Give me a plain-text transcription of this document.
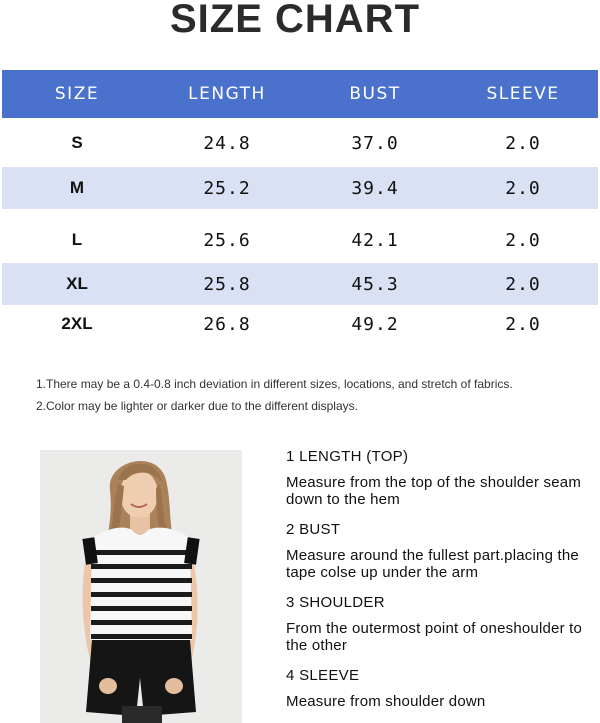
SIZE CHART
SIZE	LENGTH	BUST	SLEEVE
S	24.8	37.0	2.0
M	25.2	39.4	2.0
L	25.6	42.1	2.0
XL	25.8	45.3	2.0
2XL	26.8	49.2	2.0
1.There may be a 0.4-0.8 inch deviation in different sizes, locations, and stretch of fabrics.
2.Color may be lighter or darker due to the different displays.
1 LENGTH (TOP)
Measure from the top of the shoulder seam down to the hem
2 BUST
Measure around the fullest part.placing the tape colse up under the arm
3 SHOULDER
From the outermost point of oneshoulder to the other
4 SLEEVE
Measure from shoulder down
